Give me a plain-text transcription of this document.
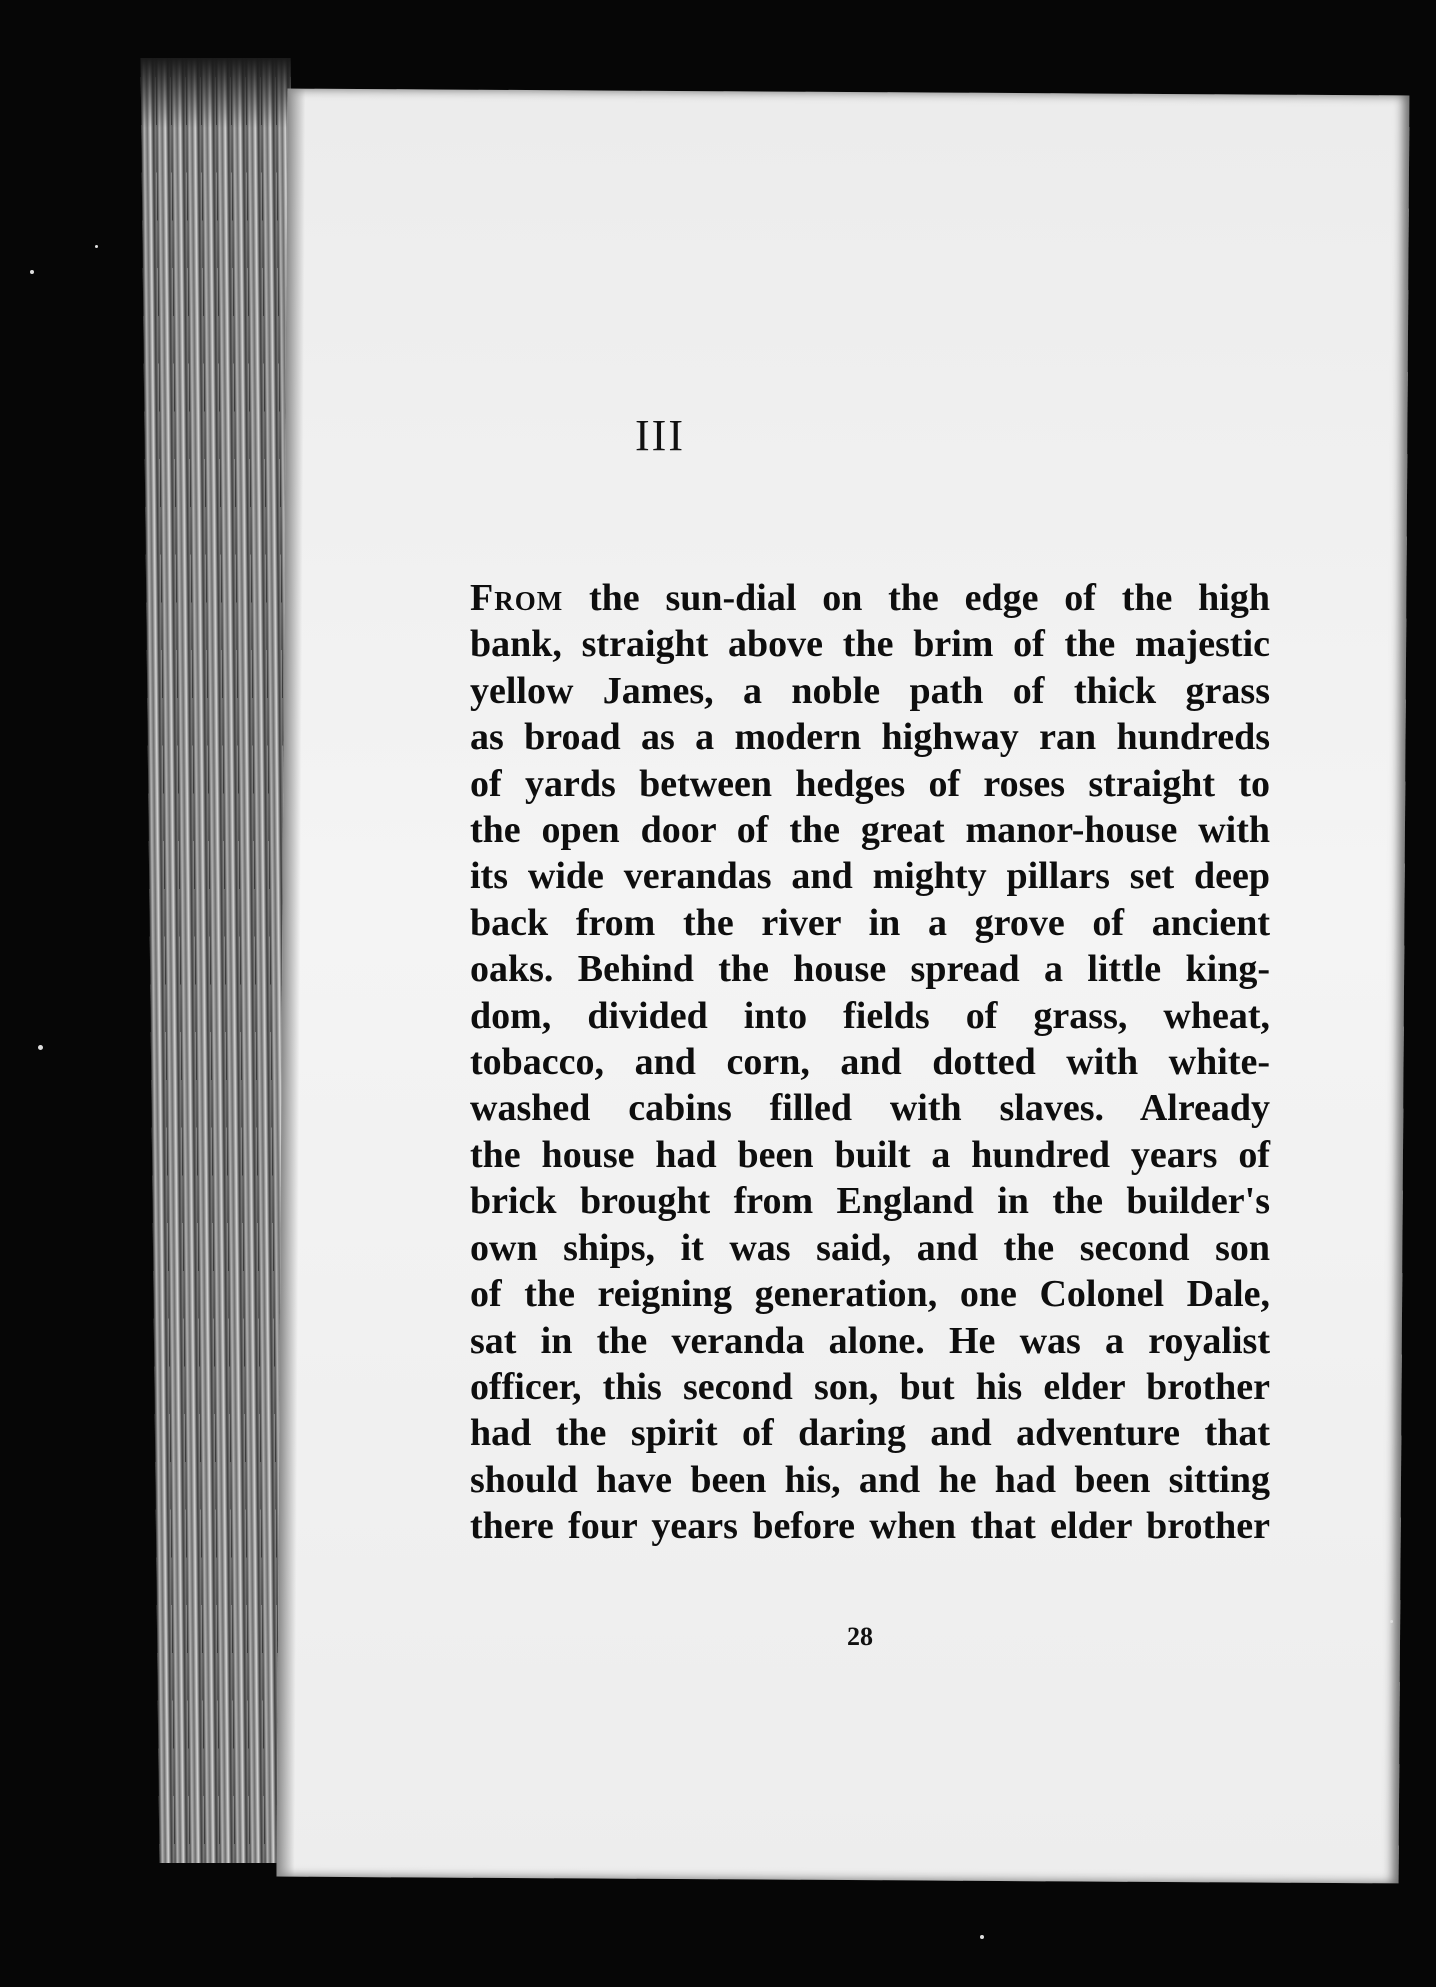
III

From the sun-dial on the edge of the high
bank, straight above the brim of the majestic
yellow James, a noble path of thick grass
as broad as a modern highway ran hundreds
of yards between hedges of roses straight to
the open door of the great manor-house with
its wide verandas and mighty pillars set deep
back from the river in a grove of ancient
oaks. Behind the house spread a little king-
dom, divided into fields of grass, wheat,
tobacco, and corn, and dotted with white-
washed cabins filled with slaves. Already
the house had been built a hundred years of
brick brought from England in the builder's
own ships, it was said, and the second son
of the reigning generation, one Colonel Dale,
sat in the veranda alone. He was a royalist
officer, this second son, but his elder brother
had the spirit of daring and adventure that
should have been his, and he had been sitting
there four years before when that elder brother

28
